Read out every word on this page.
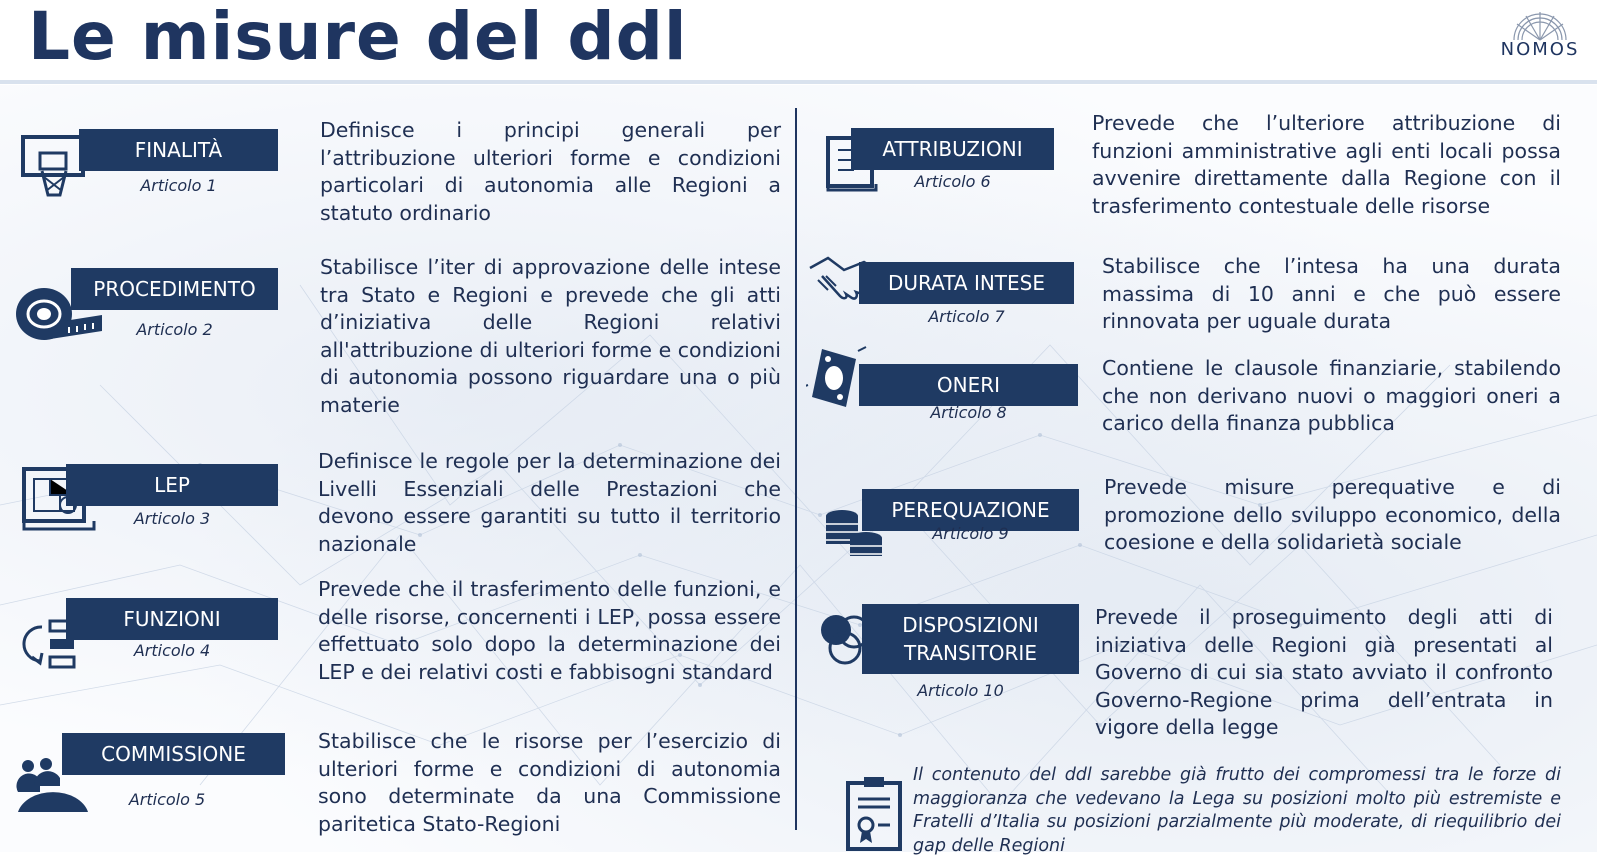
Le misure del ddl	NOMOS
FINALITÀ
Articolo 1

Definisce i principi generali per l’attribuzione ulteriori forme e condizioni particolari di autonomia alle Regioni a statuto ordinario

PROCEDIMENTO
Articolo 2

Stabilisce l’iter di approvazione delle intese tra Stato e Regioni e prevede che gli atti d’iniziativa delle Regioni relativi all'attribuzione di ulteriori forme e condizioni di autonomia possono riguardare una o più materie

LEP
Articolo 3

Definisce le regole per la determinazione dei Livelli Essenziali delle Prestazioni che devono essere garantiti su tutto il territorio nazionale

FUNZIONI
Articolo 4

Prevede che il trasferimento delle funzioni, e delle risorse, concernenti i LEP, possa essere effettuato solo dopo la determinazione dei LEP e dei relativi costi e fabbisogni standard

COMMISSIONE
Articolo 5

Stabilisce che le risorse per l’esercizio di ulteriori forme e condizioni di autonomia sono determinate da una Commissione paritetica Stato-Regioni

ATTRIBUZIONI
Articolo 6

Prevede che l’ulteriore attribuzione di funzioni amministrative agli enti locali possa avvenire direttamente dalla Regione con il trasferimento contestuale delle risorse

DURATA INTESE
Articolo 7

Stabilisce che l’intesa ha una durata massima di 10 anni e che può essere rinnovata per uguale durata

ONERI
Articolo 8

Contiene le clausole finanziarie, stabilendo che non derivano nuovi o maggiori oneri a carico della finanza pubblica

PEREQUAZIONE
Articolo 9

Prevede misure perequative e di promozione dello sviluppo economico, della coesione e della solidarietà sociale

DISPOSIZIONI TRANSITORIE
Articolo 10

Prevede il proseguimento degli atti di iniziativa delle Regioni già presentati al Governo di cui sia stato avviato il confronto Governo-Regione prima dell’entrata in vigore della legge

Il contenuto del ddl sarebbe già frutto dei compromessi tra le forze di maggioranza che vedevano la Lega su posizioni molto più estremiste e Fratelli d’Italia su posizioni parzialmente più moderate, di riequilibrio dei gap delle Regioni
